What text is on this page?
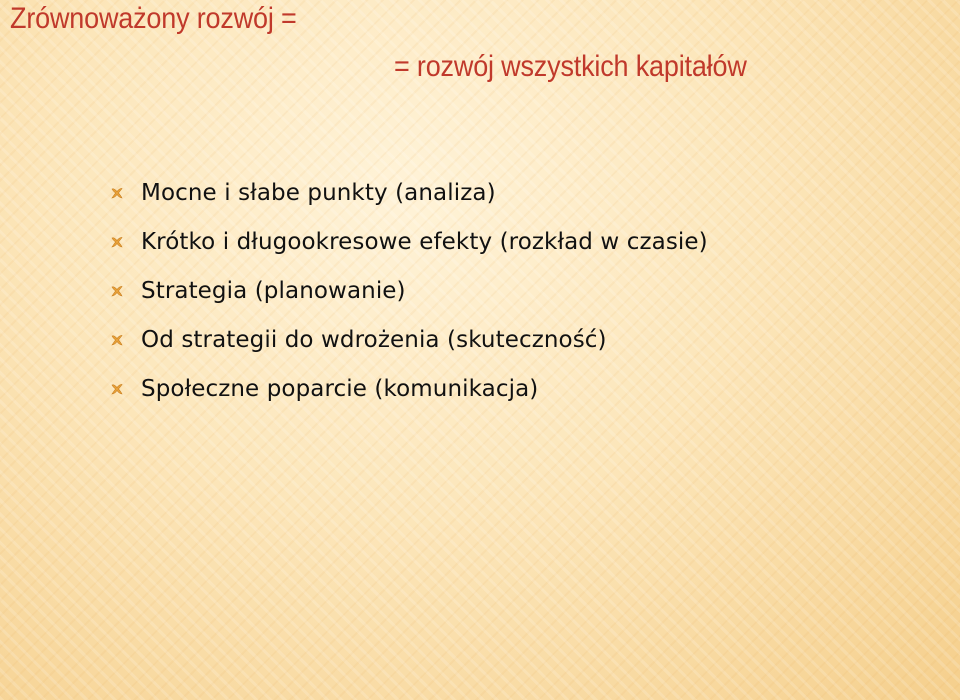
Zrównoważony rozwój =

= rozwój wszystkich kapitałów

Mocne i słabe punkty (analiza)
Krótko i długookresowe efekty (rozkład w czasie)
Strategia (planowanie)
Od strategii do wdrożenia (skuteczność)
Społeczne poparcie (komunikacja)
